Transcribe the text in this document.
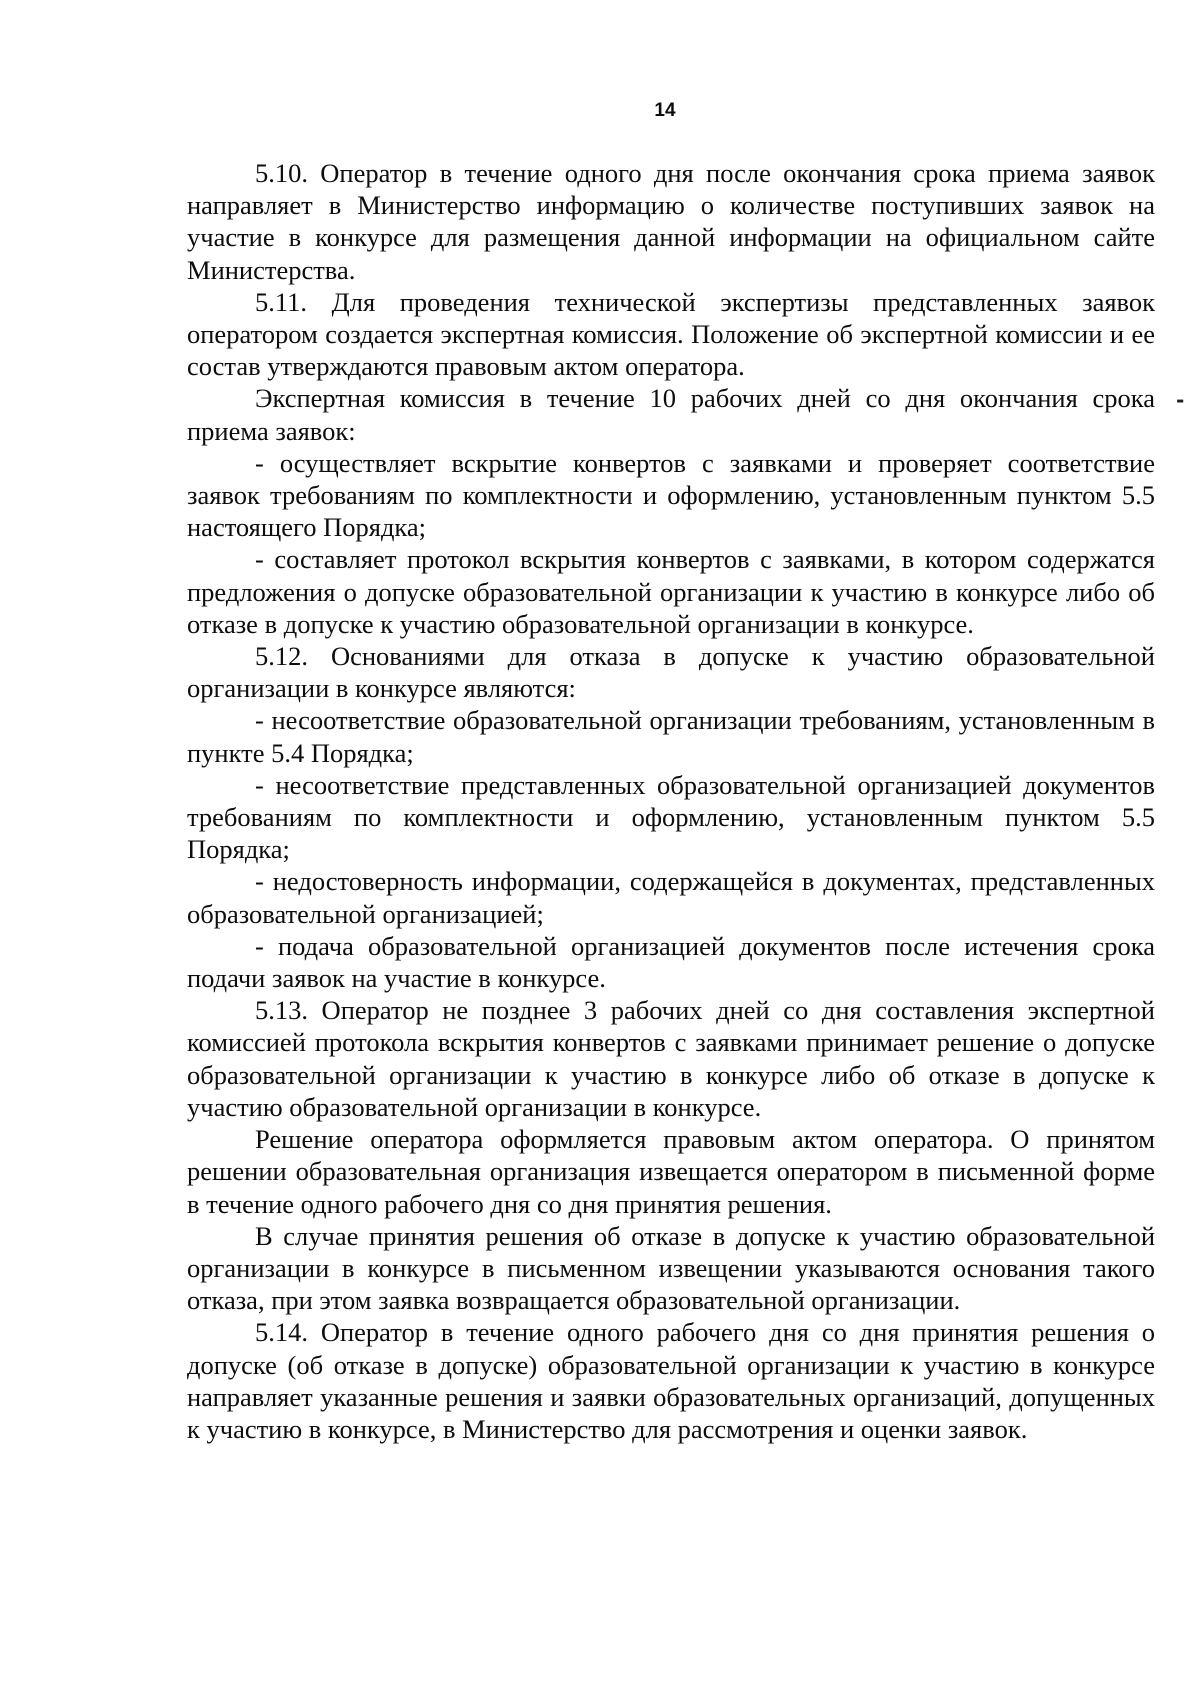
14
-

5.10. Оператор в течение одного дня после окончания срока приема заявок направляет в Министерство информацию о количестве поступивших заявок на участие в конкурсе для размещения данной информации на официальном сайте Министерства.

5.11. Для проведения технической экспертизы представленных заявок оператором создается экспертная комиссия. Положение об экспертной комиссии и ее состав утверждаются правовым актом оператора.

Экспертная комиссия в течение 10 рабочих дней со дня окончания срока приема заявок:

- осуществляет вскрытие конвертов с заявками и проверяет соответствие заявок требованиям по комплектности и оформлению, установленным пунктом 5.5 настоящего Порядка;

- составляет протокол вскрытия конвертов с заявками, в котором содержатся предложения о допуске образовательной организации к участию в конкурсе либо об отказе в допуске к участию образовательной организации в конкурсе.

5.12. Основаниями для отказа в допуске к участию образовательной организации в конкурсе являются:

- несоответствие образовательной организации требованиям, установленным в пункте 5.4 Порядка;

- несоответствие представленных образовательной организацией документов требованиям по комплектности и оформлению, установленным пунктом 5.5 Порядка;

- недостоверность информации, содержащейся в документах, представленных образовательной организацией;

- подача образовательной организацией документов после истечения срока подачи заявок на участие в конкурсе.

5.13. Оператор не позднее 3 рабочих дней со дня составления экспертной комиссией протокола вскрытия конвертов с заявками принимает решение о допуске образовательной организации к участию в конкурсе либо об отказе в допуске к участию образовательной организации в конкурсе.

Решение оператора оформляется правовым актом оператора. О принятом решении образовательная организация извещается оператором в письменной форме в течение одного рабочего дня со дня принятия решения.

В случае принятия решения об отказе в допуске к участию образовательной организации в конкурсе в письменном извещении указываются основания такого отказа, при этом заявка возвращается образовательной организации.

5.14. Оператор в течение одного рабочего дня со дня принятия решения о допуске (об отказе в допуске) образовательной организации к участию в конкурсе направляет указанные решения и заявки образовательных организаций, допущенных к участию в конкурсе, в Министерство для рассмотрения и оценки заявок.
